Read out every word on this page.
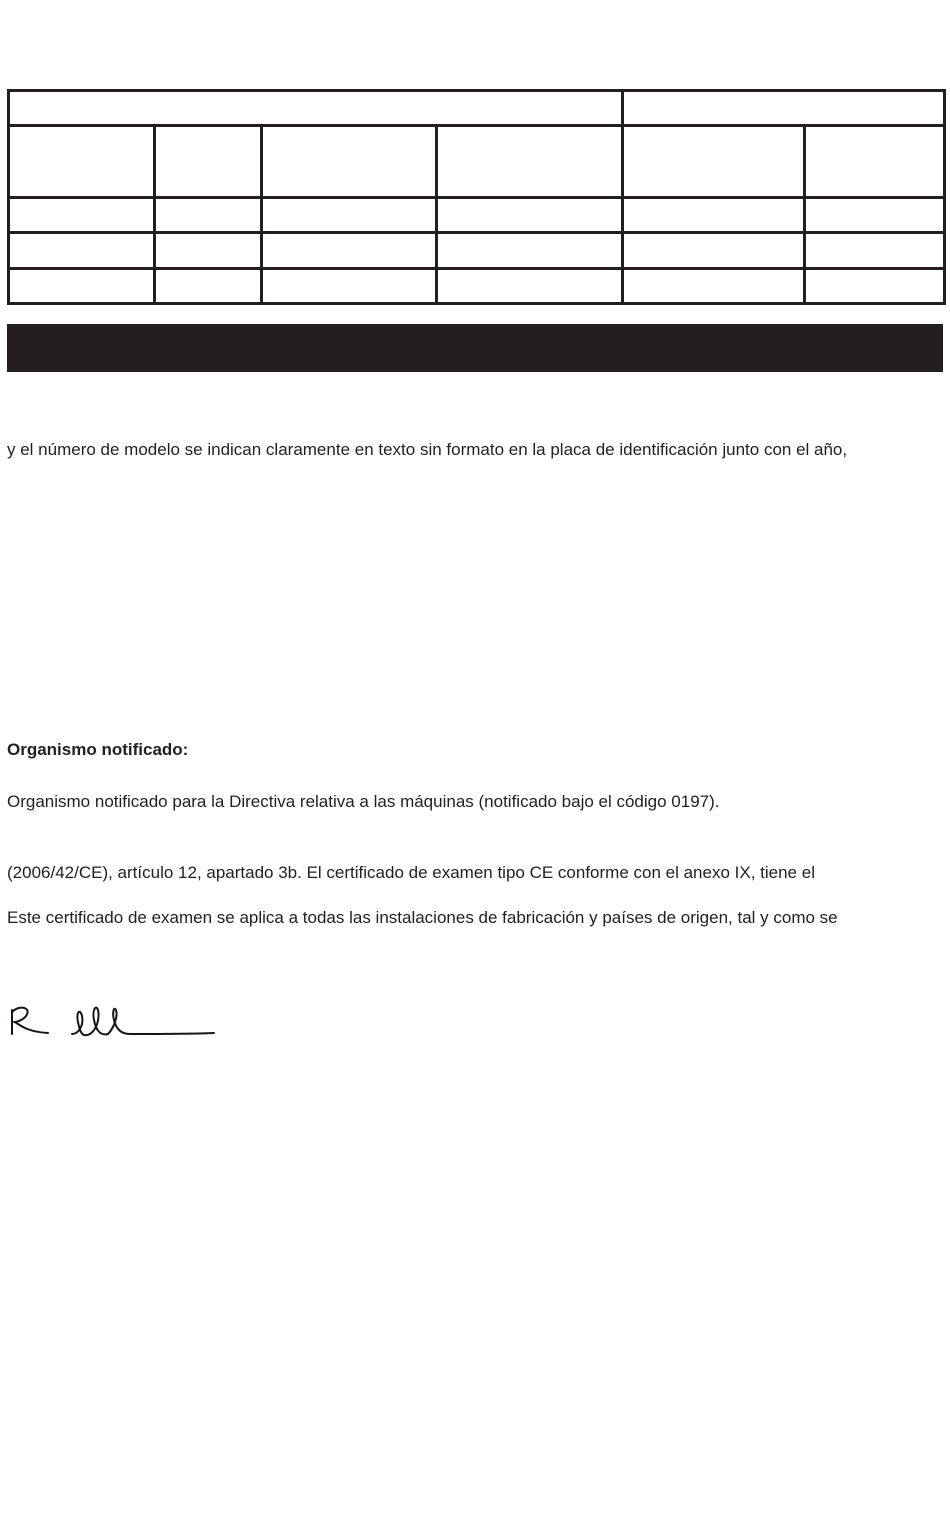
y el número de modelo se indican claramente en texto sin formato en la placa de identificación junto con el año,

Organismo notificado:

Organismo notificado para la Directiva relativa a las máquinas (notificado bajo el código 0197).

(2006/42/CE), artículo 12, apartado 3b. El certificado de examen tipo CE conforme con el anexo IX, tiene el

Este certificado de examen se aplica a todas las instalaciones de fabricación y países de origen, tal y como se
